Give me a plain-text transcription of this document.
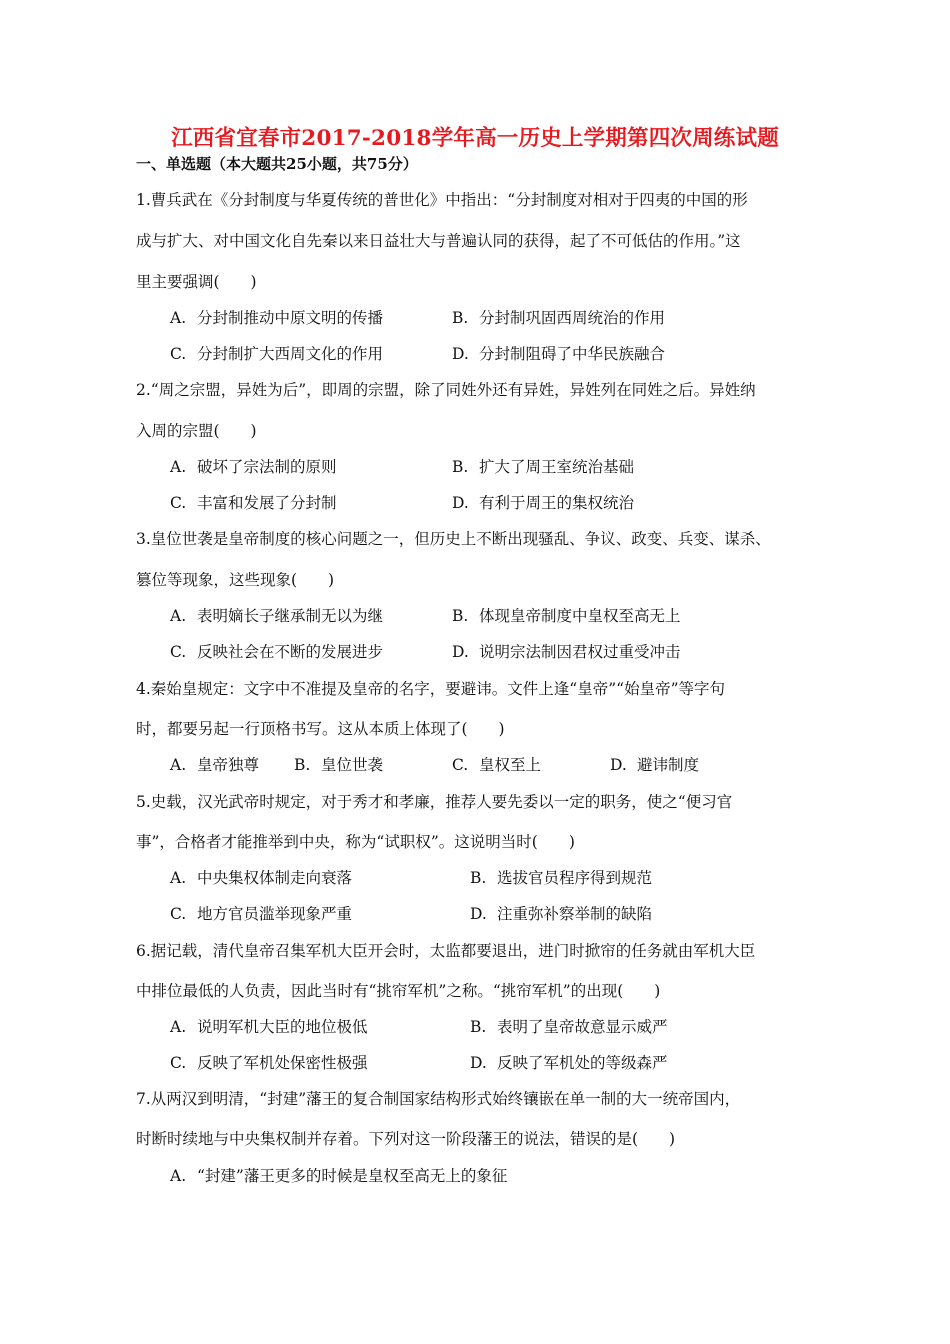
江西省宜春市2017-2018学年高一历史上学期第四次周练试题
一、单选题（本大题共25小题，共75分）
1.曹兵武在《分封制度与华夏传统的普世化》中指出：“分封制度对相对于四夷的中国的形
成与扩大、对中国文化自先秦以来日益壮大与普遍认同的获得，起了不可低估的作用。”这
里主要强调(　　)
A. 分封制推动中原文明的传播	B. 分封制巩固西周统治的作用
C. 分封制扩大西周文化的作用	D. 分封制阻碍了中华民族融合
2.“周之宗盟，异姓为后”，即周的宗盟，除了同姓外还有异姓，异姓列在同姓之后。异姓纳
入周的宗盟(　　)
A. 破坏了宗法制的原则	B. 扩大了周王室统治基础
C. 丰富和发展了分封制	D. 有利于周王的集权统治
3.皇位世袭是皇帝制度的核心问题之一，但历史上不断出现骚乱、争议、政变、兵变、谋杀、
篡位等现象，这些现象(　　)
A. 表明嫡长子继承制无以为继	B. 体现皇帝制度中皇权至高无上
C. 反映社会在不断的发展进步	D. 说明宗法制因君权过重受冲击
4.秦始皇规定：文字中不准提及皇帝的名字，要避讳。文件上逢“皇帝”“始皇帝”等字句
时，都要另起一行顶格书写。这从本质上体现了(　　)
A. 皇帝独尊 B. 皇位世袭	C. 皇权至上	D. 避讳制度
5.史载，汉光武帝时规定，对于秀才和孝廉，推荐人要先委以一定的职务，使之“便习官
事”，合格者才能推举到中央，称为“试职权”。这说明当时(　　)
A. 中央集权体制走向衰落	B. 选拔官员程序得到规范
C. 地方官员滥举现象严重	D. 注重弥补察举制的缺陷
6.据记载，清代皇帝召集军机大臣开会时，太监都要退出，进门时掀帘的任务就由军机大臣
中排位最低的人负责，因此当时有“挑帘军机”之称。“挑帘军机”的出现(　　)
A. 说明军机大臣的地位极低	B. 表明了皇帝故意显示威严
C. 反映了军机处保密性极强	D. 反映了军机处的等级森严
7.从两汉到明清，“封建”藩王的复合制国家结构形式始终镶嵌在单一制的大一统帝国内，
时断时续地与中央集权制并存着。下列对这一阶段藩王的说法，错误的是(　　)
A. “封建”藩王更多的时候是皇权至高无上的象征
